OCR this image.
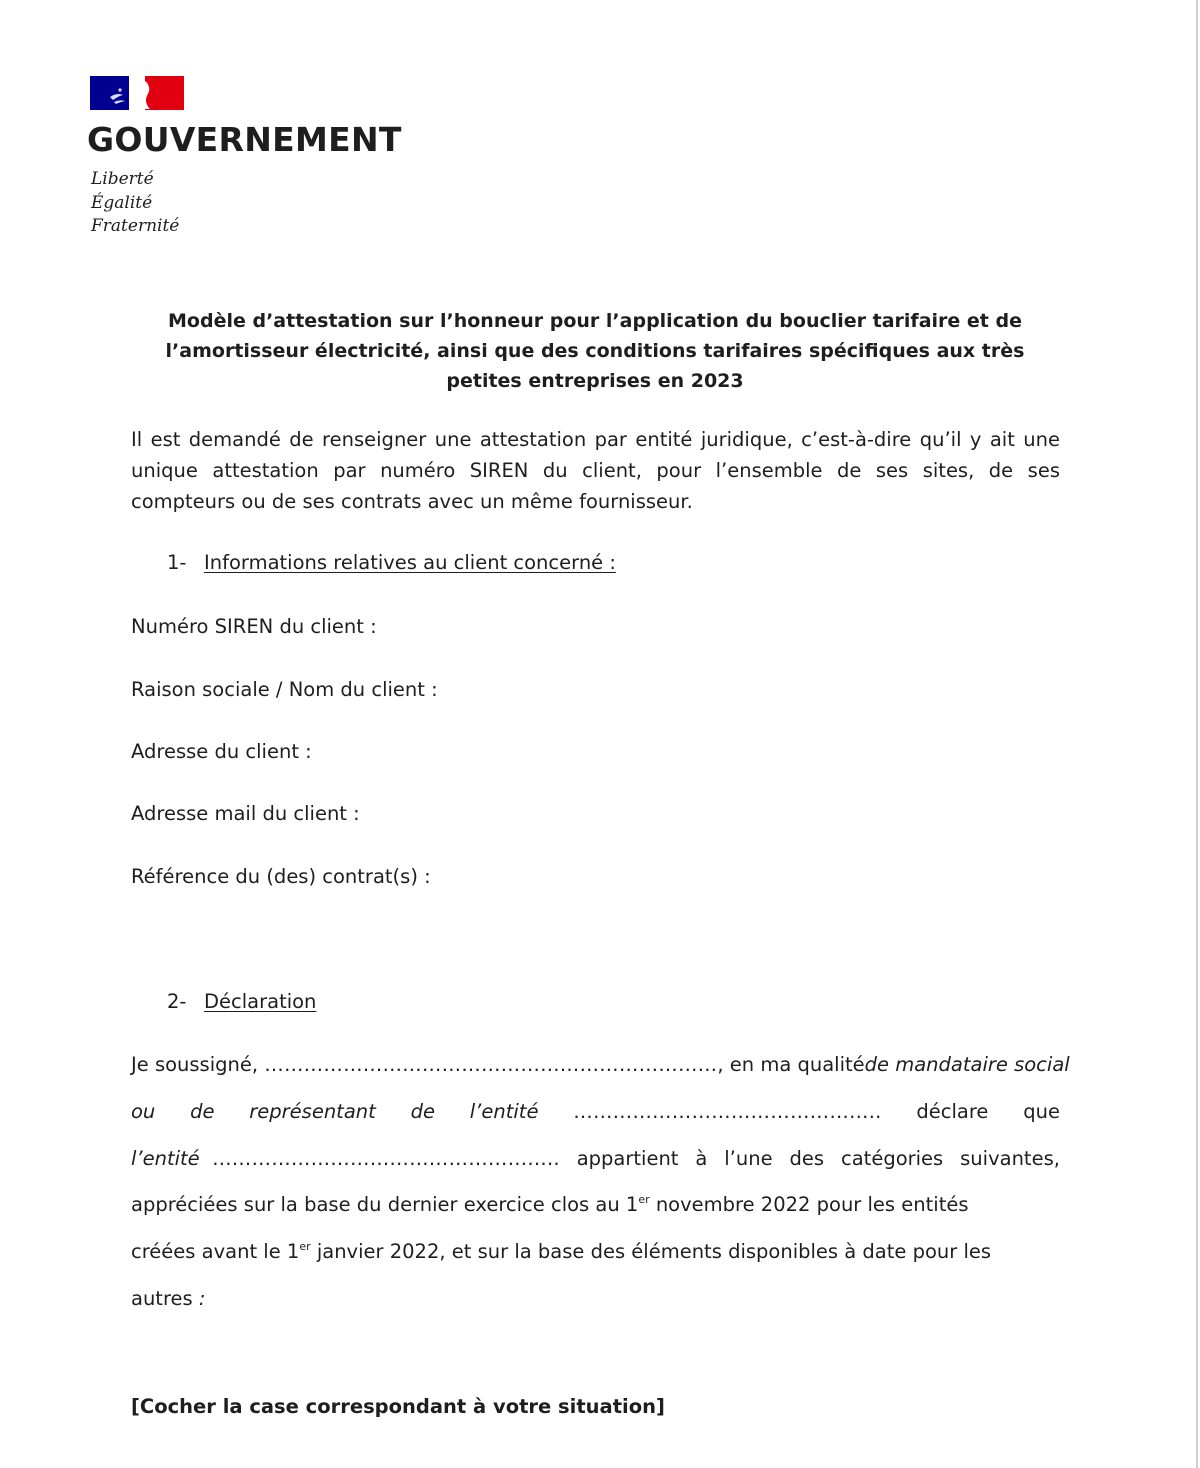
GOUVERNEMENT
Liberté
Égalité
Fraternité
Modèle d’attestation sur l’honneur pour l’application du bouclier tarifaire et de l’amortisseur électricité, ainsi que des conditions tarifaires spécifiques aux très petites entreprises en 2023
Il est demandé de renseigner une attestation par entité juridique, c’est-à-dire qu’il y ait une unique attestation par numéro SIREN du client, pour l’ensemble de ses sites, de ses compteurs ou de ses contrats avec un même fournisseur.
1- Informations relatives au client concerné :
Numéro SIREN du client :
Raison sociale / Nom du client :
Adresse du client :
Adresse mail du client :
Référence du (des) contrat(s) :
2- Déclaration
Je soussigné, ……………………………………………………………, en ma qualité de mandataire social
ou de représentant de l’entité ……………………………………….. déclare que
l’entité …………………………………………….. appartient à l’une des catégories suivantes,
appréciées sur la base du dernier exercice clos au 1er novembre 2022 pour les entités
créées avant le 1er janvier 2022, et sur la base des éléments disponibles à date pour les
autres :
[Cocher la case correspondant à votre situation]
